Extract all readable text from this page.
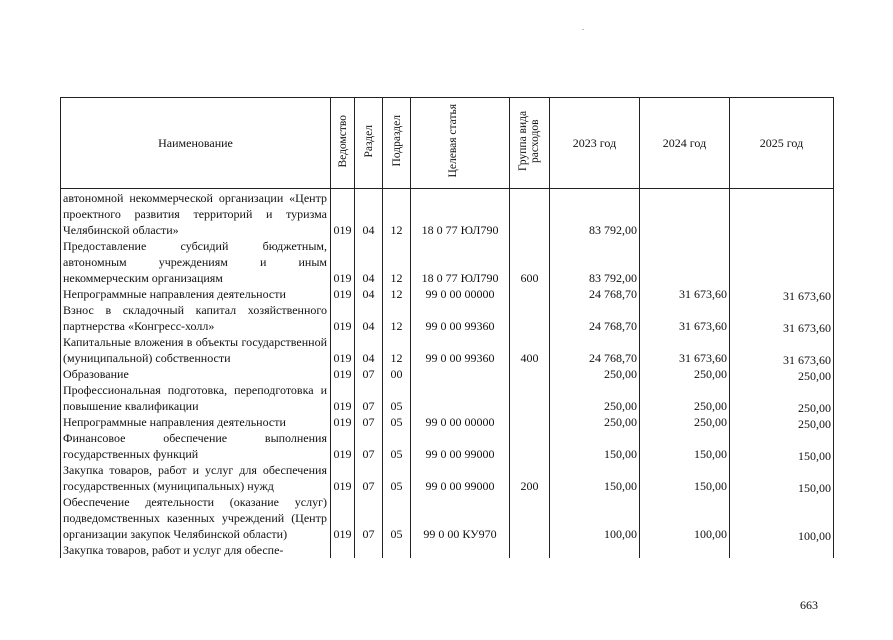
Наименование	Ведомство	Раздел	Подраздел	Целевая статья	Группа вида расходов	2023 год	2024 год	2025 год
автономной некоммерческой организации «Центр проектного развития территорий и туризма Челябинской области»	019	04	12	18 0 77 ЮЛ790		83 792,00		
Предоставление субсидий бюджетным, автономным учреждениям и иным некоммерческим организациям	019	04	12	18 0 77 ЮЛ790	600	83 792,00		
Непрограммные направления деятельности	019	04	12	99 0 00 00000		24 768,70	31 673,60	31 673,60
Взнос в складочный капитал хозяйственного партнерства «Конгресс-холл»	019	04	12	99 0 00 99360		24 768,70	31 673,60	31 673,60
Капитальные вложения в объекты государственной (муниципальной) собственности	019	04	12	99 0 00 99360	400	24 768,70	31 673,60	31 673,60
Образование	019	07	00			250,00	250,00	250,00
Профессиональная подготовка, переподготовка и повышение квалификации	019	07	05			250,00	250,00	250,00
Непрограммные направления деятельности	019	07	05	99 0 00 00000		250,00	250,00	250,00
Финансовое обеспечение выполнения государственных функций	019	07	05	99 0 00 99000		150,00	150,00	150,00
Закупка товаров, работ и услуг для обеспечения государственных (муниципальных) нужд	019	07	05	99 0 00 99000	200	150,00	150,00	150,00
Обеспечение деятельности (оказание услуг) подведомственных казенных учреждений (Центр организации закупок Челябинской области)	019	07	05	99 0 00 КУ970		100,00	100,00	100,00
Закупка товаров, работ и услуг для обеспе-								
663
